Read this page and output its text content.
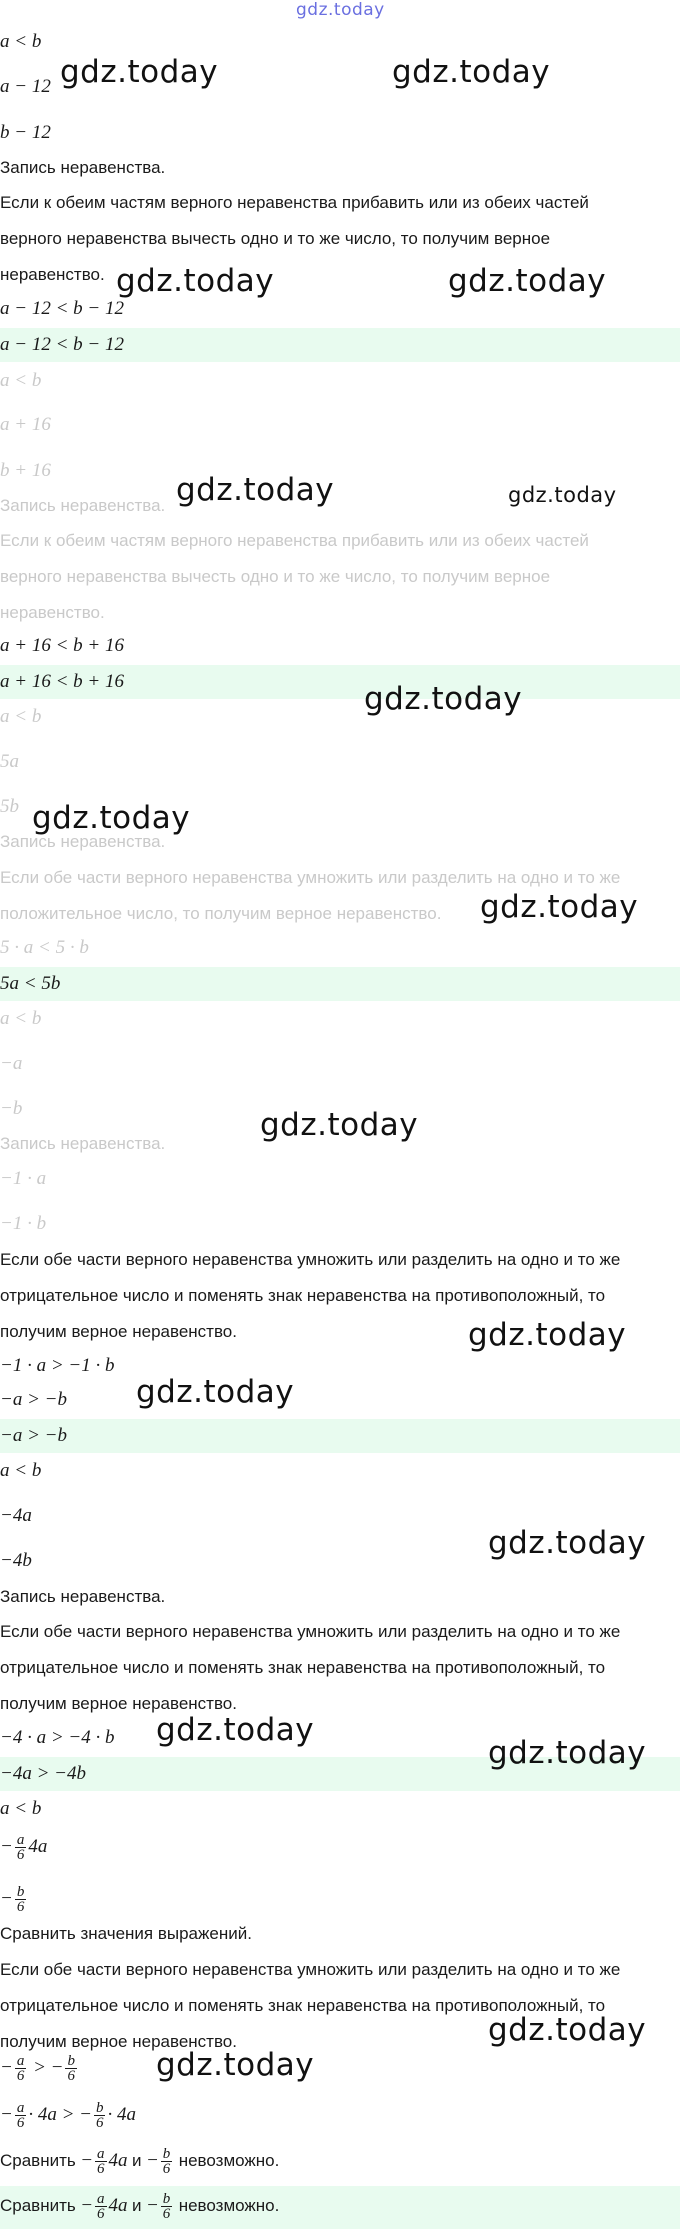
gdz.today
a < b
a − 12
b − 12
Запись неравенства.
Если к обеим частям верного неравенства прибавить или из обеих частей
верного неравенства вычесть одно и то же число, то получим верное
неравенство.
a − 12 < b − 12
a − 12 < b − 12
a < b
a + 16
b + 16
Запись неравенства.
Если к обеим частям верного неравенства прибавить или из обеих частей
верного неравенства вычесть одно и то же число, то получим верное
неравенство.
a + 16 < b + 16
a + 16 < b + 16
a < b
5a
5b
Запись неравенства.
Если обе части верного неравенства умножить или разделить на одно и то же
положительное число, то получим верное неравенство.
5 · a < 5 · b
5a < 5b
a < b
−a
−b
Запись неравенства.
−1 · a
−1 · b
Если обе части верного неравенства умножить или разделить на одно и то же
отрицательное число и поменять знак неравенства на противоположный, то
получим верное неравенство.
−1 · a > −1 · b
−a > −b
−a > −b
a < b
−4a
−4b
Запись неравенства.
Если обе части верного неравенства умножить или разделить на одно и то же
отрицательное число и поменять знак неравенства на противоположный, то
получим верное неравенство.
−4 · a > −4 · b
−4a > −4b
a < b
− $\frac{a}{6} 4a$
− $\frac{b}{6}$
Сравнить значения выражений.
Если обе части верного неравенства умножить или разделить на одно и то же
отрицательное число и поменять знак неравенства на противоположный, то
получим верное неравенство.
− $\frac{a}{6}$ > − $\frac{b}{6}$
− $\frac{a}{6} \cdot 4a$ > − $\frac{b}{6} \cdot 4a$
Сравнить − $\frac{a}{6} 4a$ $и - \frac{b}{6}$ невозможно.
Сравнить − $\frac{a}{6} 4a$ $и - \frac{b}{6}$ невозможно.
gdz.today	gdz.today
gdz.today	gdz.today
gdz.today	gdz.today
gdz.today
gdz.today
gdz.today
gdz.today
gdz.today
gdz.today
gdz.today
gdz.today
gdz.today
gdz.today
gdz.today
